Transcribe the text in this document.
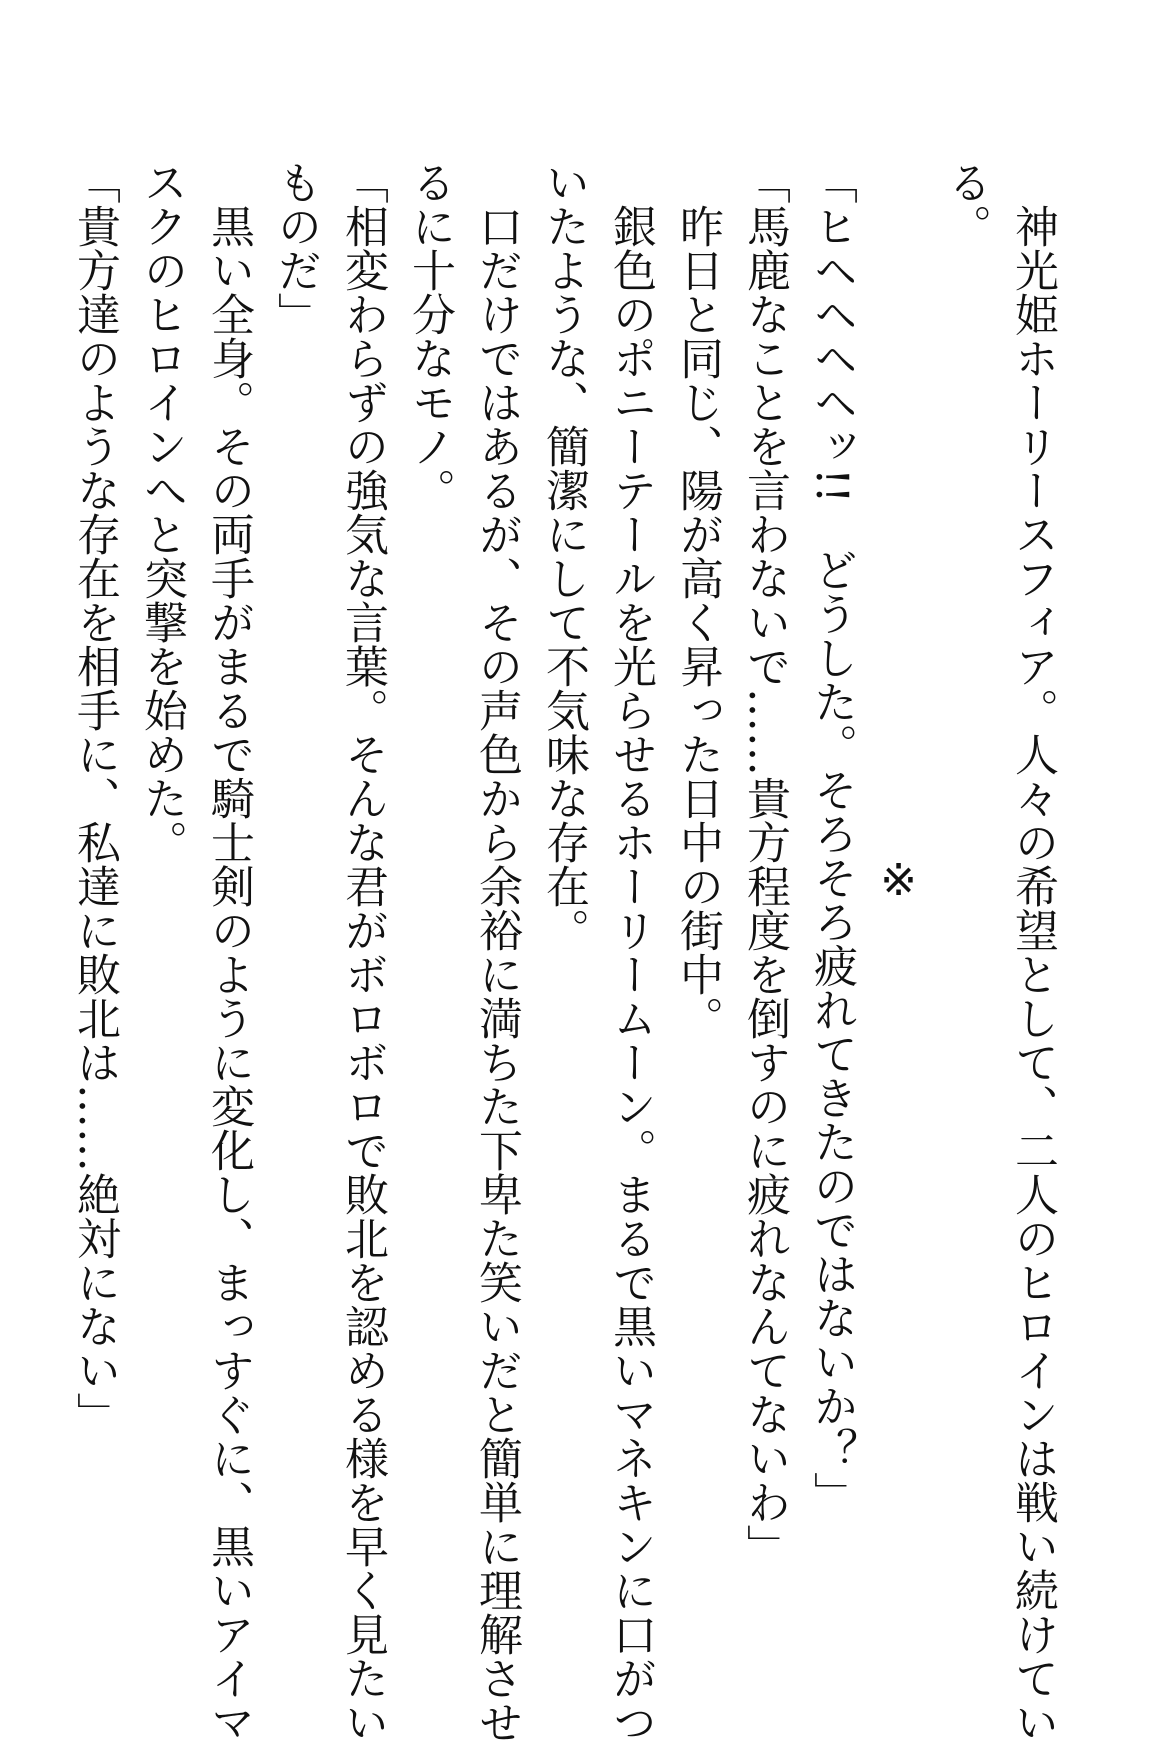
神光姫ホーリースフィア。人々の希望として、二人のヒロインは戦い続けてい
る。
※
「ヒヘヘヘヘッ!!　どうした。そろそろ疲れてきたのではないか？」
「馬鹿なことを言わないで……貴方程度を倒すのに疲れなんてないわ」
昨日と同じ、陽が高く昇った日中の街中。
銀色のポニーテールを光らせるホーリームーン。まるで黒いマネキンに口がつ
いたような、簡潔にして不気味な存在。
口だけではあるが、その声色から余裕に満ちた下卑た笑いだと簡単に理解させ
るに十分なモノ。
「相変わらずの強気な言葉。そんな君がボロボロで敗北を認める様を早く見たい
ものだ」
黒い全身。その両手がまるで騎士剣のように変化し、まっすぐに、黒いアイマ
スクのヒロインへと突撃を始めた。
「貴方達のような存在を相手に、私達に敗北は……絶対にない」
